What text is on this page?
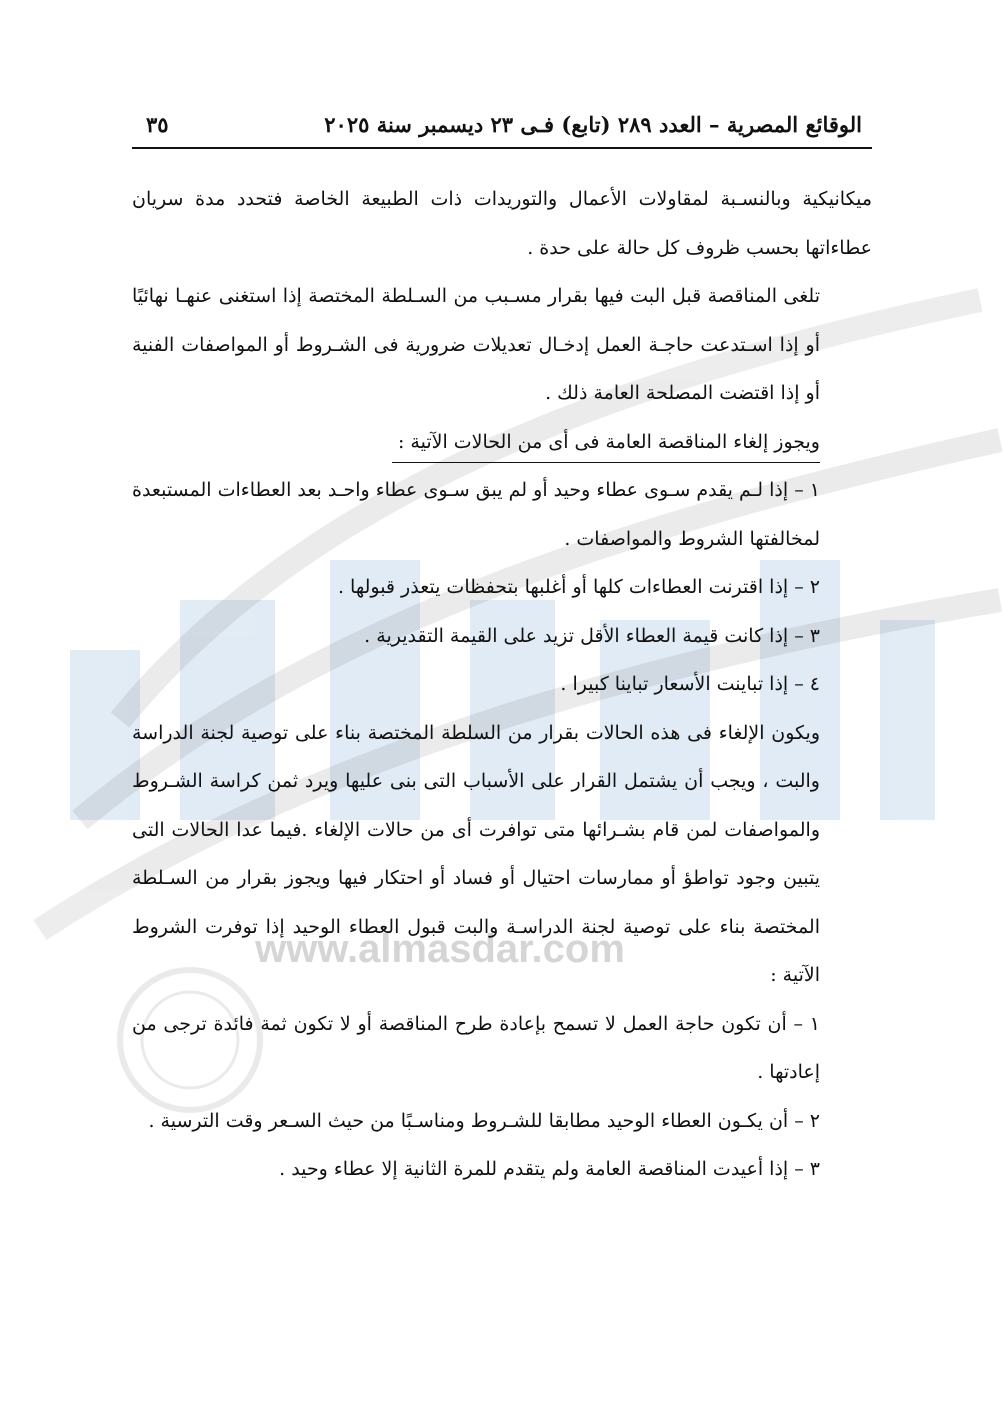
www.almasdar.com
الوقائع المصرية – العدد ٢٨٩ (تابع) فـى ٢٣ ديسمبر سنة ٢٠٢٥
٣٥

ميكانيكية وبالنسـبة لمقاولات الأعمال والتوريدات ذات الطبيعة الخاصة فتحدد مدة سريان عطاءاتها بحسب ظروف كل حالة على حدة .

تلغى المناقصة قبل البت فيها بقرار مسـبب من السـلطة المختصة إذا استغنى عنهـا نهائيًا أو إذا اسـتدعت حاجـة العمل إدخـال تعديلات ضرورية فى الشـروط أو المواصفات الفنية أو إذا اقتضت المصلحة العامة ذلك .

ويجوز إلغاء المناقصة العامة فى أى من الحالات الآتية :

١ – إذا لـم يقدم سـوى عطاء وحيد أو لم يبق سـوى عطاء واحـد بعد العطاءات المستبعدة لمخالفتها الشروط والمواصفات .

٢ – إذا اقترنت العطاءات كلها أو أغلبها بتحفظات يتعذر قبولها .

٣ – إذا كانت قيمة العطاء الأقل تزيد على القيمة التقديرية .

٤ – إذا تباينت الأسعار تباينا كبيرا .

ويكون الإلغاء فى هذه الحالات بقرار من السلطة المختصة بناء على توصية لجنة الدراسة والبت ، ويجب أن يشتمل القرار على الأسباب التى بنى عليها ويرد ثمن كراسة الشـروط والمواصفات لمن قام بشـرائها متى توافرت أى من حالات الإلغاء .فيما عدا الحالات التى يتبين وجود تواطؤ أو ممارسات احتيال أو فساد أو احتكار فيها ويجوز بقرار من السـلطة المختصة بناء على توصية لجنة الدراسـة والبت قبول العطاء الوحيد إذا توفرت الشروط الآتية :

١ – أن تكون حاجة العمل لا تسمح بإعادة طرح المناقصة أو لا تكون ثمة فائدة ترجى من إعادتها .

٢ – أن يكـون العطاء الوحيد مطابقا للشـروط ومناسـبًا من حيث السـعر وقت الترسية .

٣ – إذا أعيدت المناقصة العامة ولم يتقدم للمرة الثانية إلا عطاء وحيد .
